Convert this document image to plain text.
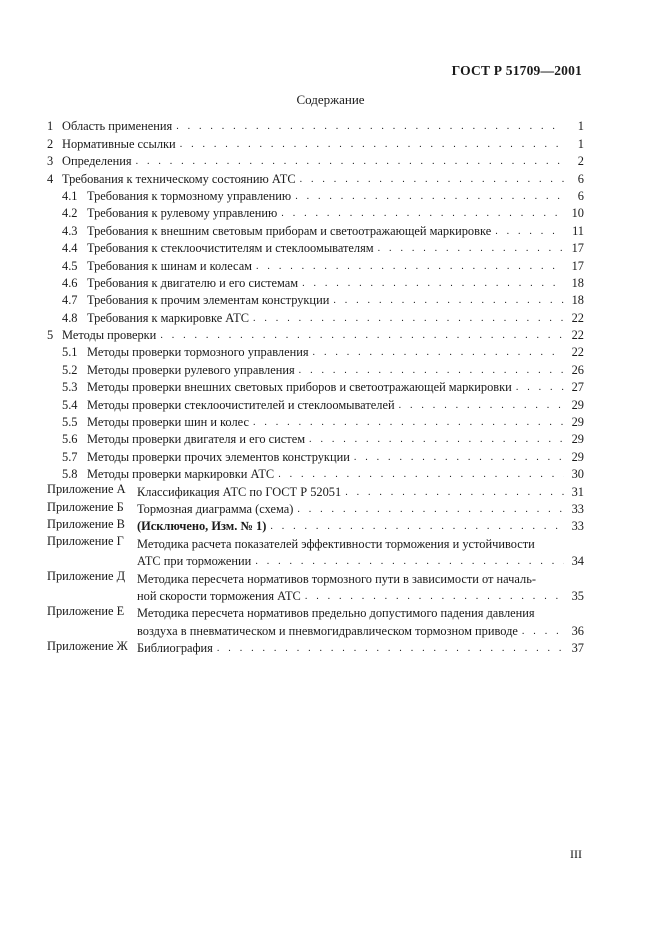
ГОСТ Р 51709—2001
Содержание
1 Область применения . . .	1
2 Нормативные ссылки . . .	1
3 Определения . . .	2
4 Требования к техническому состоянию АТС . . .	6
4.1 Требования к тормозному управлению . . .	6
4.2 Требования к рулевому управлению . . .	10
4.3 Требования к внешним световым приборам и светоотражающей маркировке . . .	11
4.4 Требования к стеклоочистителям и стеклоомывателям . . .	17
4.5 Требования к шинам и колесам . . .	17
4.6 Требования к двигателю и его системам . . .	18
4.7 Требования к прочим элементам конструкции . . .	18
4.8 Требования к маркировке АТС . . .	22
5 Методы проверки . . .	22
5.1 Методы проверки тормозного управления . . .	22
5.2 Методы проверки рулевого управления . . .	26
5.3 Методы проверки внешних световых приборов и светоотражающей маркировки . . .	27
5.4 Методы проверки стеклоочистителей и стеклоомывателей . . .	29
5.5 Методы проверки шин и колес . . .	29
5.6 Методы проверки двигателя и его систем . . .	29
5.7 Методы проверки прочих элементов конструкции . . .	29
5.8 Методы проверки маркировки АТС . . .	30
Приложение А Классификация АТС по ГОСТ Р 52051 . . .	31
Приложение Б	Тормозная диаграмма (схема) . . .	33
Приложение В (Исключено, Изм. № 1) . . .	33
Приложение Г	Методика расчета показателей эффективности торможения и устойчивости
АТС при торможении . . .	34
Приложение Д Методика пересчета нормативов тормозного пути в зависимости от началь-
ной скорости торможения АТС . . .	35
Приложение Е	Методика пересчета нормативов предельно допустимого падения давления
воздуха в пневматическом и пневмогидравлическом тормозном приводе . . .	36
Приложение Ж Библиография . . .	37
III
